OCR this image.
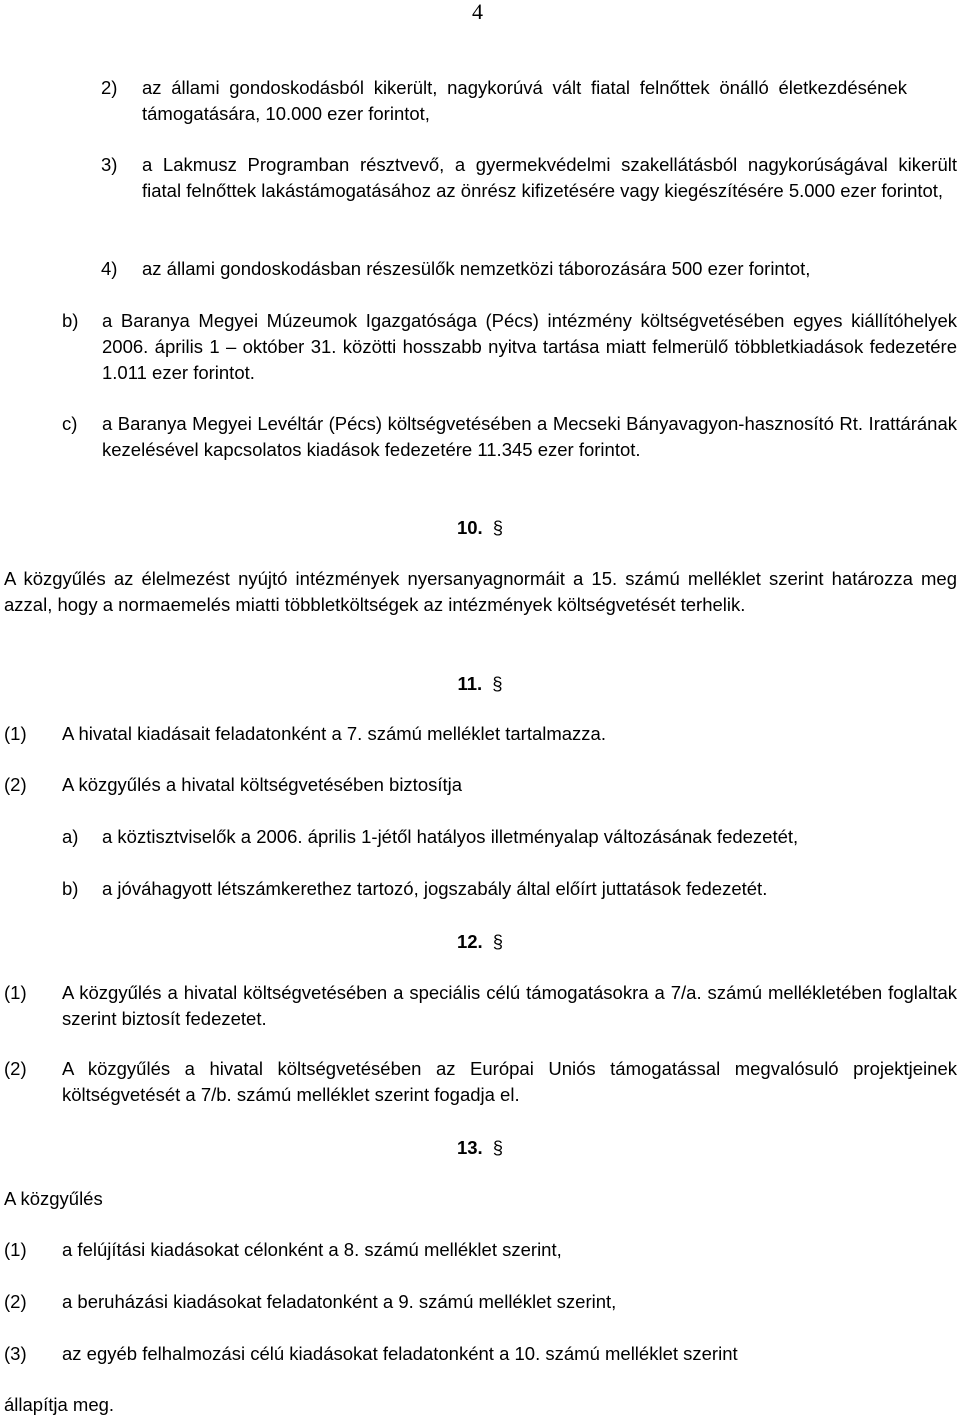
4
2)	az állami gondoskodásból kikerült, nagykorúvá vált fiatal felnőttek önálló életkezdésének támogatására, 10.000 ezer forintot,
3)	a Lakmusz Programban résztvevő, a gyermekvédelmi szakellátásból nagykorúságával kikerült fiatal felnőttek lakástámogatásához az önrész kifizetésére vagy kiegészítésére 5.000 ezer forintot,
4)	az állami gondoskodásban részesülők nemzetközi táborozására 500 ezer forintot,
b)	a Baranya Megyei Múzeumok Igazgatósága (Pécs) intézmény költségvetésében egyes kiállítóhelyek 2006. április 1 – október 31. közötti hosszabb nyitva tartása miatt felmerülő többletkiadások fedezetére 1.011 ezer forintot.
c)	a Baranya Megyei Levéltár (Pécs) költségvetésében a Mecseki Bányavagyon-hasznosító Rt. Irattárának kezelésével kapcsolatos kiadások fedezetére 11.345 ezer forintot.
10. §
A közgyűlés az élelmezést nyújtó intézmények nyersanyagnormáit a 15. számú melléklet szerint határozza meg azzal, hogy a normaemelés miatti többletköltségek az intézmények költségvetését terhelik.
11. §
(1)	A hivatal kiadásait feladatonként a 7. számú melléklet tartalmazza.
(2)	A közgyűlés a hivatal költségvetésében biztosítja
a)	a köztisztviselők a 2006. április 1-jétől hatályos illetményalap változásának fedezetét,
b)	a jóváhagyott létszámkerethez tartozó, jogszabály által előírt juttatások fedezetét.
12. §
(1)	A közgyűlés a hivatal költségvetésében a speciális célú támogatásokra a 7/a. számú mellékletében foglaltak szerint biztosít fedezetet.
(2)	A közgyűlés a hivatal költségvetésében az Európai Uniós támogatással megvalósuló projektjeinek költségvetését a 7/b. számú melléklet szerint fogadja el.
13. §
A közgyűlés
(1)	a felújítási kiadásokat célonként a 8. számú melléklet szerint,
(2)	a beruházási kiadásokat feladatonként a 9. számú melléklet szerint,
(3)	az egyéb felhalmozási célú kiadásokat feladatonként a 10. számú melléklet szerint
állapítja meg.
